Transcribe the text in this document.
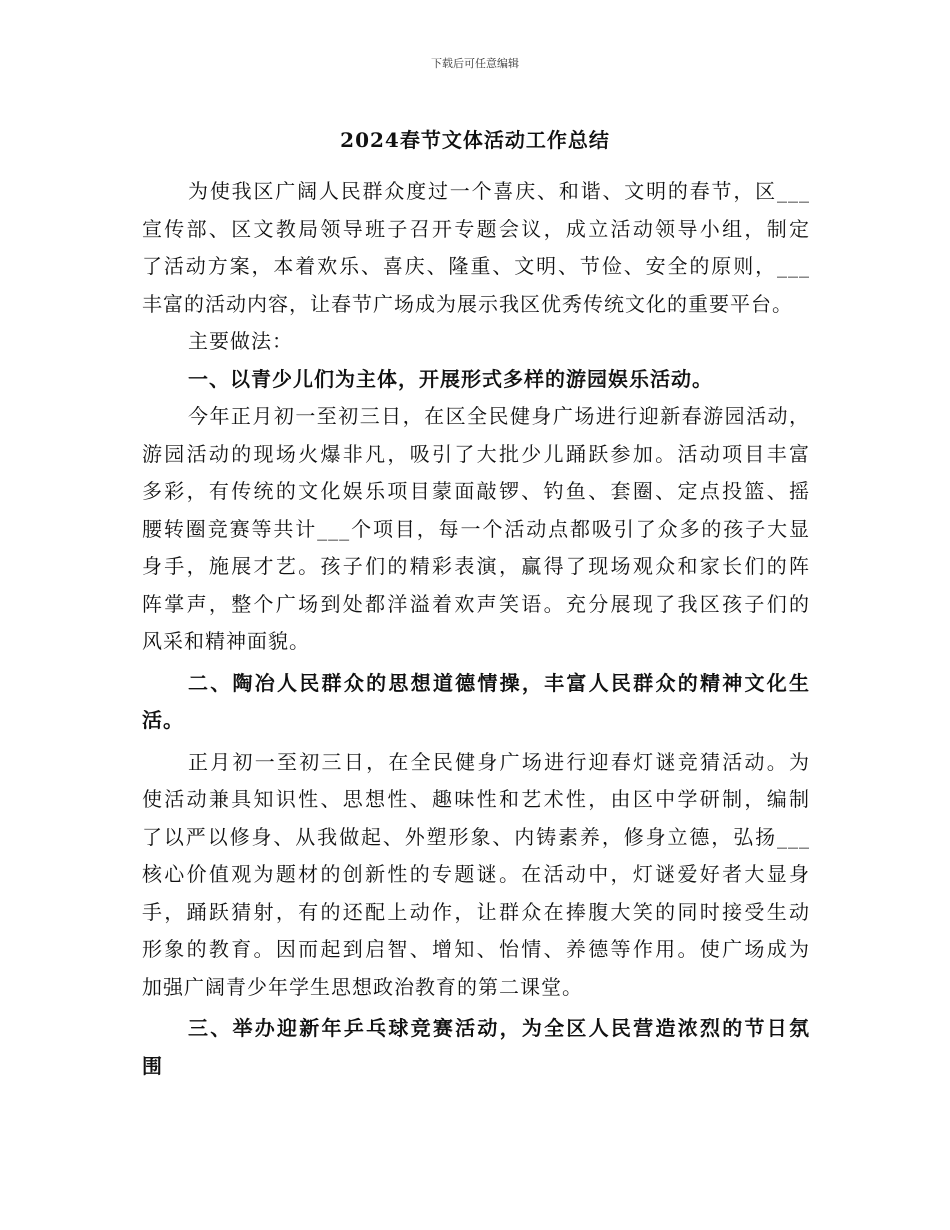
下载后可任意编辑
2024春节文体活动工作总结
为使我区广阔人民群众度过一个喜庆、和谐、文明的春节，区___
宣传部、区文教局领导班子召开专题会议，成立活动领导小组，制定
了活动方案，本着欢乐、喜庆、隆重、文明、节俭、安全的原则，___
丰富的活动内容，让春节广场成为展示我区优秀传统文化的重要平台。
主要做法：
一、以青少儿们为主体，开展形式多样的游园娱乐活动。
今年正月初一至初三日，在区全民健身广场进行迎新春游园活动，
游园活动的现场火爆非凡，吸引了大批少儿踊跃参加。活动项目丰富
多彩，有传统的文化娱乐项目蒙面敲锣、钓鱼、套圈、定点投篮、摇
腰转圈竞赛等共计___个项目，每一个活动点都吸引了众多的孩子大显
身手，施展才艺。孩子们的精彩表演，赢得了现场观众和家长们的阵
阵掌声，整个广场到处都洋溢着欢声笑语。充分展现了我区孩子们的
风采和精神面貌。
二、陶冶人民群众的思想道德情操，丰富人民群众的精神文化生
活。
正月初一至初三日，在全民健身广场进行迎春灯谜竞猜活动。为
使活动兼具知识性、思想性、趣味性和艺术性，由区中学研制，编制
了以严以修身、从我做起、外塑形象、内铸素养，修身立德，弘扬___
核心价值观为题材的创新性的专题谜。在活动中，灯谜爱好者大显身
手，踊跃猜射，有的还配上动作，让群众在捧腹大笑的同时接受生动
形象的教育。因而起到启智、增知、怡情、养德等作用。使广场成为
加强广阔青少年学生思想政治教育的第二课堂。
三、举办迎新年乒乓球竞赛活动，为全区人民营造浓烈的节日氛
围
